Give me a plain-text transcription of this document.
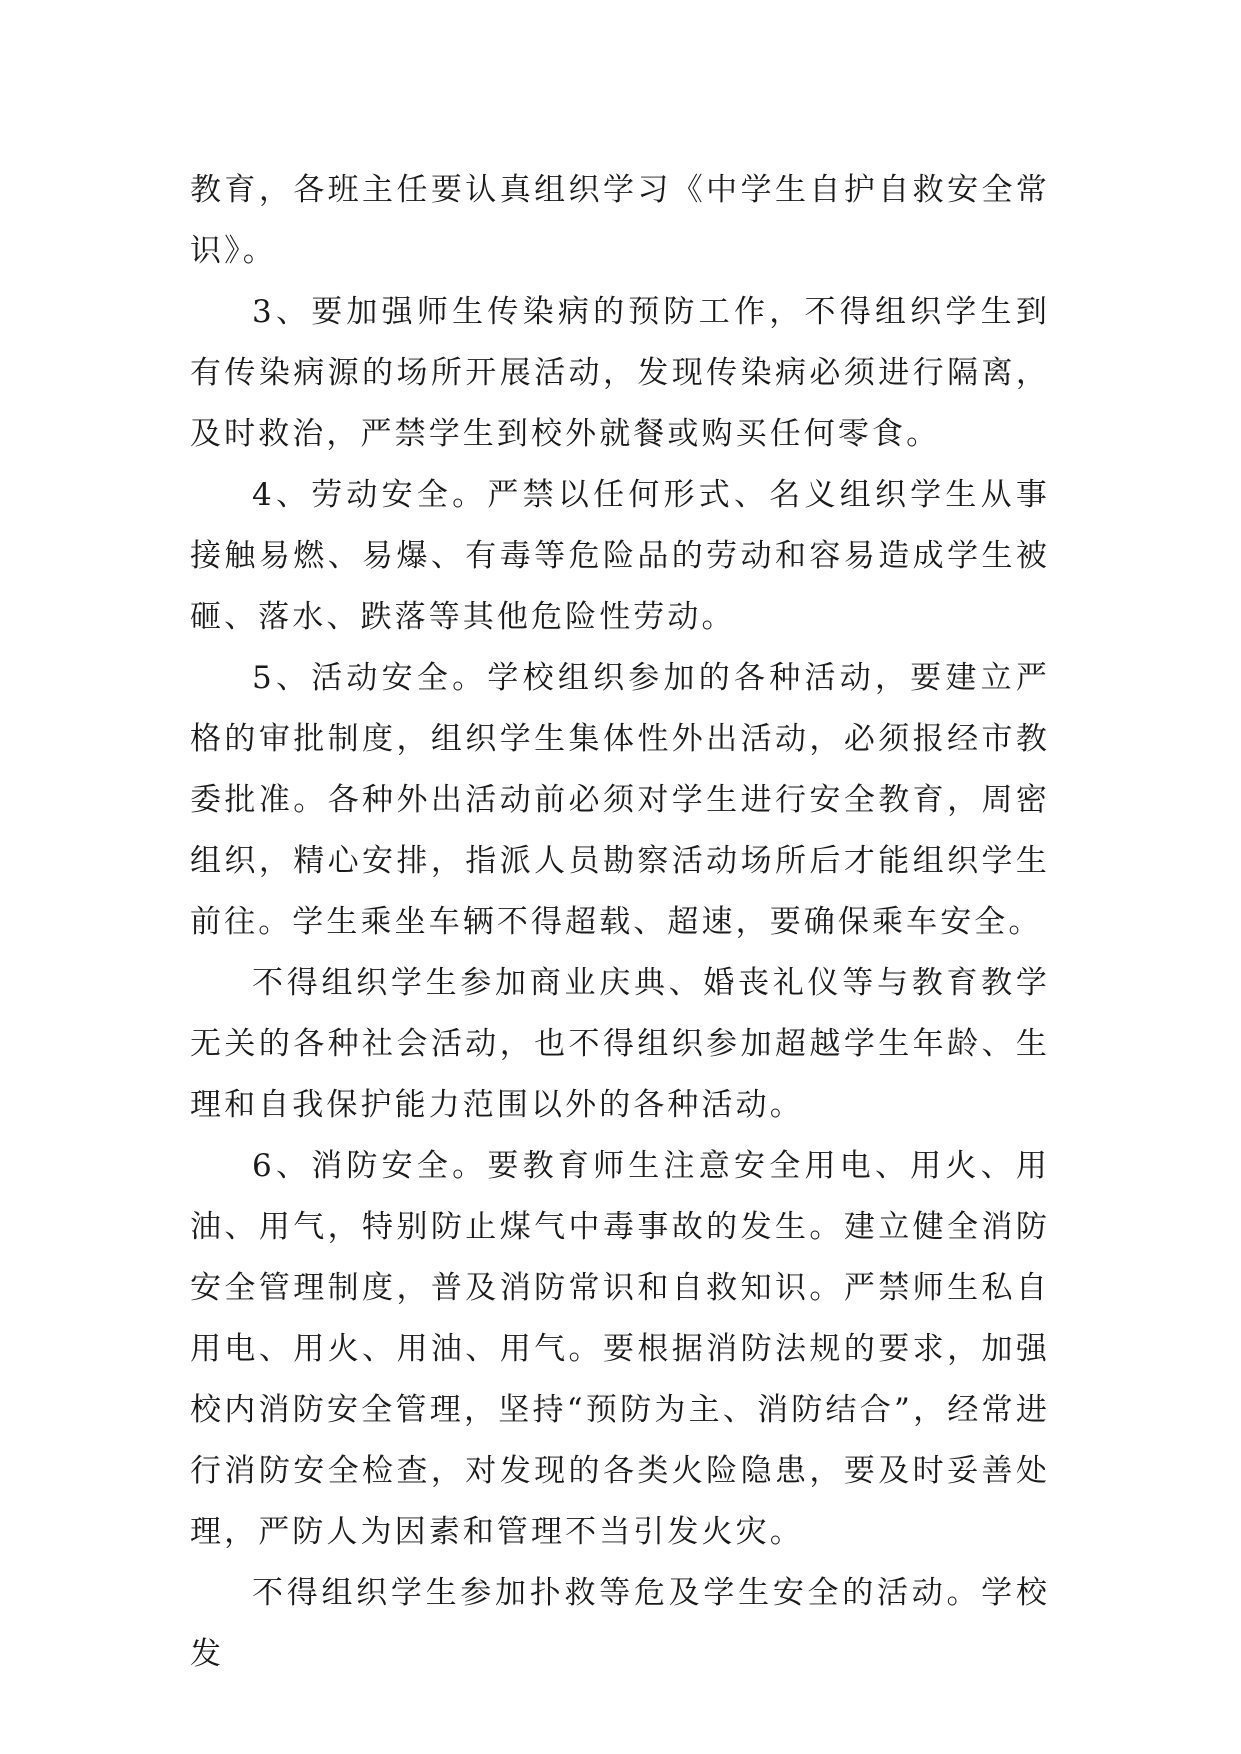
教育，各班主任要认真组织学习《中学生自护自救安全常识》。

3、要加强师生传染病的预防工作，不得组织学生到有传染病源的场所开展活动，发现传染病必须进行隔离，及时救治，严禁学生到校外就餐或购买任何零食。

4、劳动安全。严禁以任何形式、名义组织学生从事接触易燃、易爆、有毒等危险品的劳动和容易造成学生被砸、落水、跌落等其他危险性劳动。

5、活动安全。学校组织参加的各种活动，要建立严格的审批制度，组织学生集体性外出活动，必须报经市教委批准。各种外出活动前必须对学生进行安全教育，周密组织，精心安排，指派人员勘察活动场所后才能组织学生前往。学生乘坐车辆不得超载、超速，要确保乘车安全。

不得组织学生参加商业庆典、婚丧礼仪等与教育教学无关的各种社会活动，也不得组织参加超越学生年龄、生理和自我保护能力范围以外的各种活动。

6、消防安全。要教育师生注意安全用电、用火、用油、用气，特别防止煤气中毒事故的发生。建立健全消防安全管理制度，普及消防常识和自救知识。严禁师生私自用电、用火、用油、用气。要根据消防法规的要求，加强校内消防安全管理，坚持“预防为主、消防结合”，经常进行消防安全检查，对发现的各类火险隐患，要及时妥善处理，严防人为因素和管理不当引发火灾。

不得组织学生参加扑救等危及学生安全的活动。学校发
